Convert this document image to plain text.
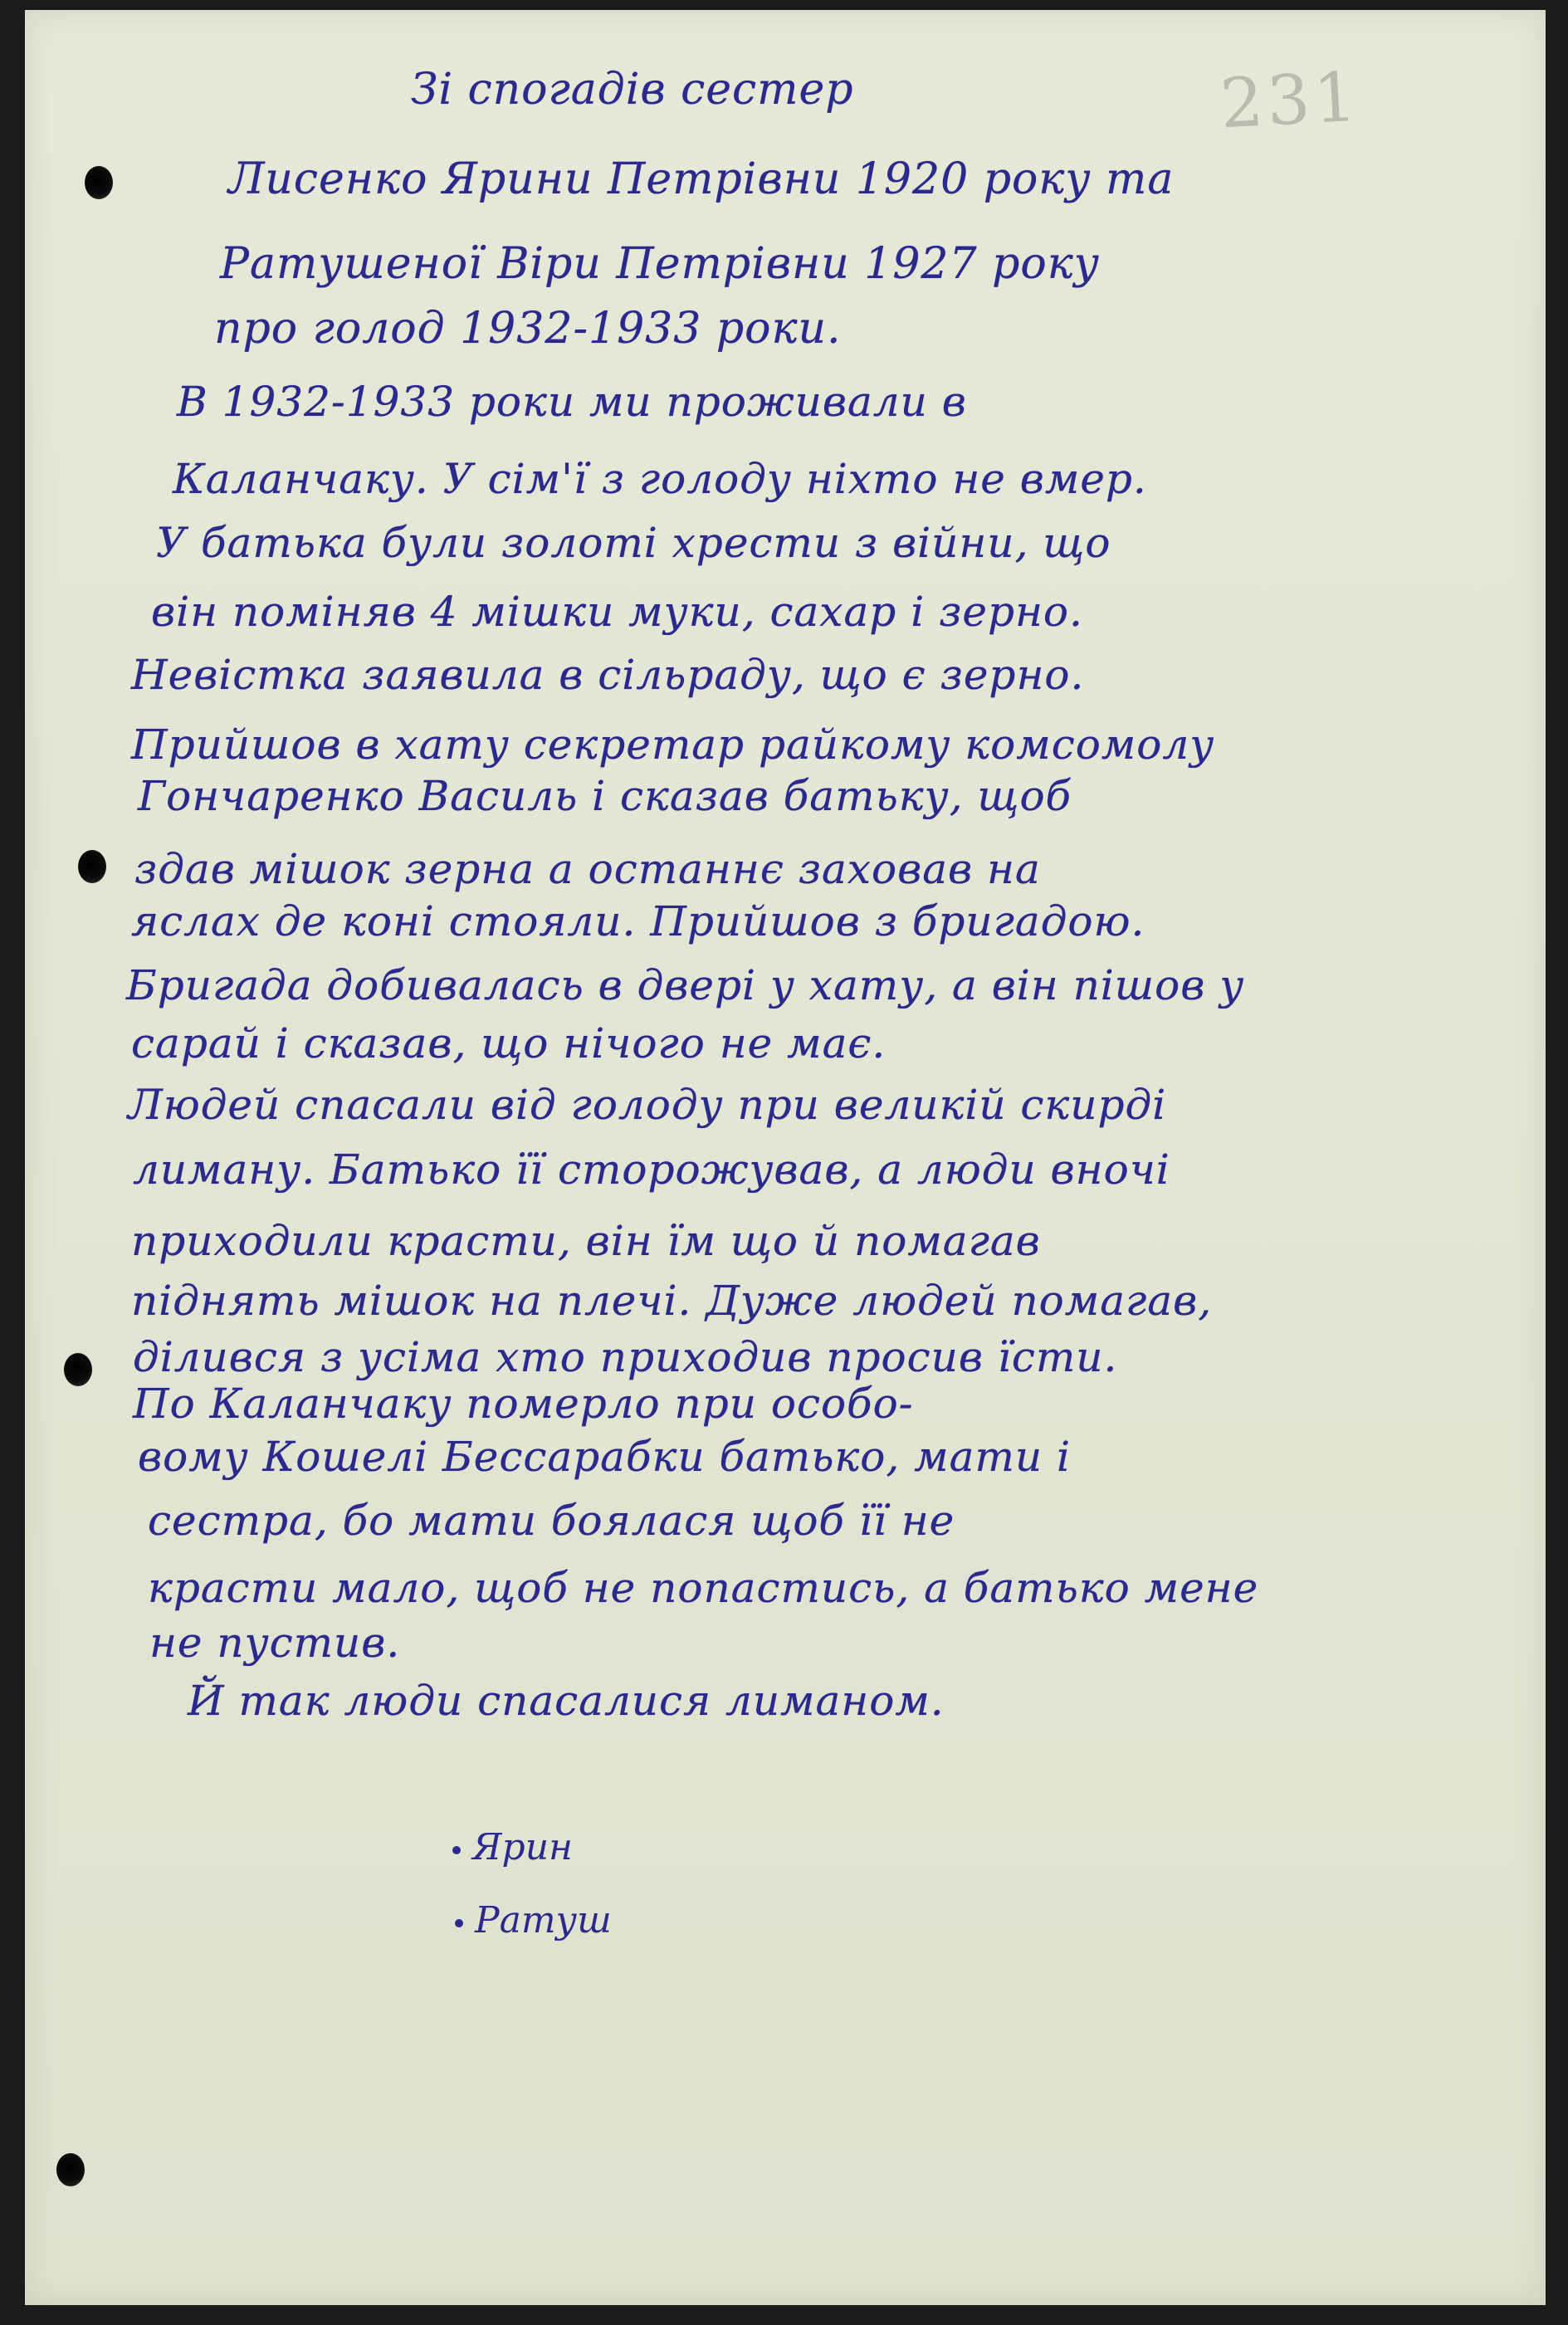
231
Зі спогадів сестер
Лисенко Ярини Петрівни 1920 року та
Ратушеної Віри Петрівни 1927 року
про голод 1932-1933 роки.
В 1932-1933 роки ми проживали в
Каланчаку. У сім'ї з голоду ніхто не вмер.
У батька були золоті хрести з війни, що
він поміняв 4 мішки муки, сахар і зерно.
Невістка заявила в сільраду, що є зерно.
Прийшов в хату секретар райкому комсомолу
Гончаренко Василь і сказав батьку, щоб
здав мішок зерна а останнє заховав на
яслах де коні стояли. Прийшов з бригадою.
Бригада добивалась в двері у хату, а він пішов у
сарай і сказав, що нічого не має.
Людей спасали від голоду при великій скирді
лиману. Батько її сторожував, а люди вночі
приходили красти, він їм що й помагав
піднять мішок на плечі. Дуже людей помагав,
ділився з усіма хто приходив просив їсти.
По Каланчаку померло при особо-
вому Кошелі Бессарабки батько, мати і
сестра, бо мати боялася щоб її не
красти мало, щоб не попастись, а батько мене
не пустив.
Й так люди спасалися лиманом.
Ярин
Ратуш
